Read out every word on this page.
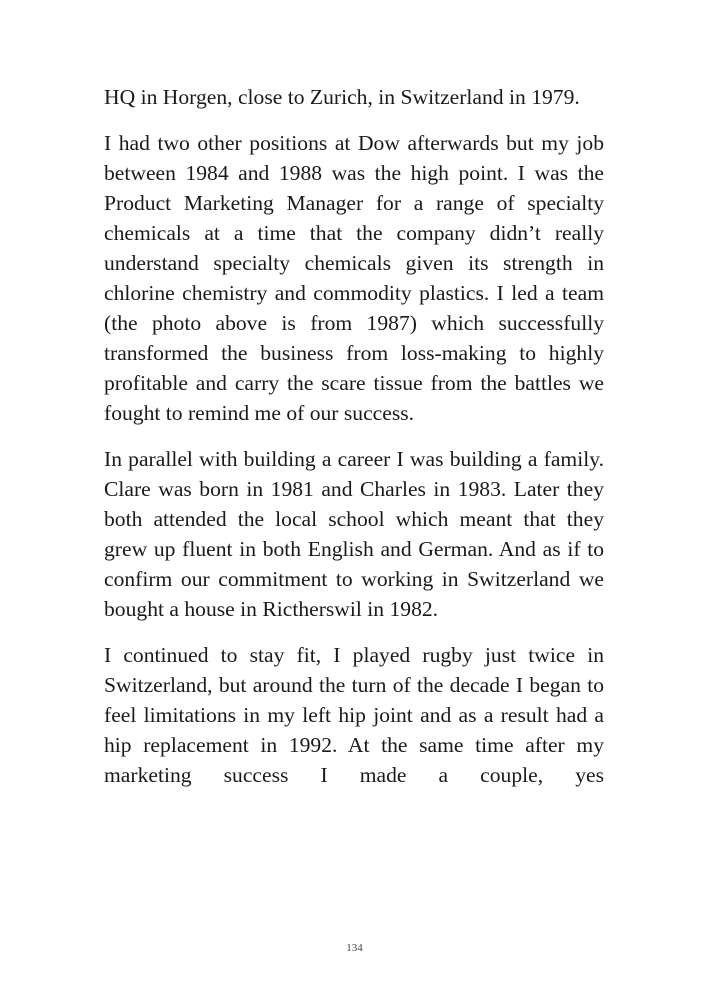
HQ in Horgen, close to Zurich, in Switzerland in 1979.

I had two other positions at Dow afterwards but my job between 1984 and 1988 was the high point. I was the Product Marketing Manager for a range of specialty chemicals at a time that the company didn’t really understand specialty chemicals given its strength in chlorine chemistry and commodity plastics. I led a team (the photo above is from 1987) which successfully transformed the business from loss-making to highly profitable and carry the scare tissue from the battles we fought to remind me of our success.

In parallel with building a career I was building a family. Clare was born in 1981 and Charles in 1983. Later they both attended the local school which meant that they grew up fluent in both English and German. And as if to confirm our commitment to working in Switzerland we bought a house in Rictherswil in 1982.

I continued to stay fit, I played rugby just twice in Switzerland, but around the turn of the decade I began to feel limitations in my left hip joint and as a result had a hip replacement in 1992. At the same time after my marketing success I made a couple, yes

134
